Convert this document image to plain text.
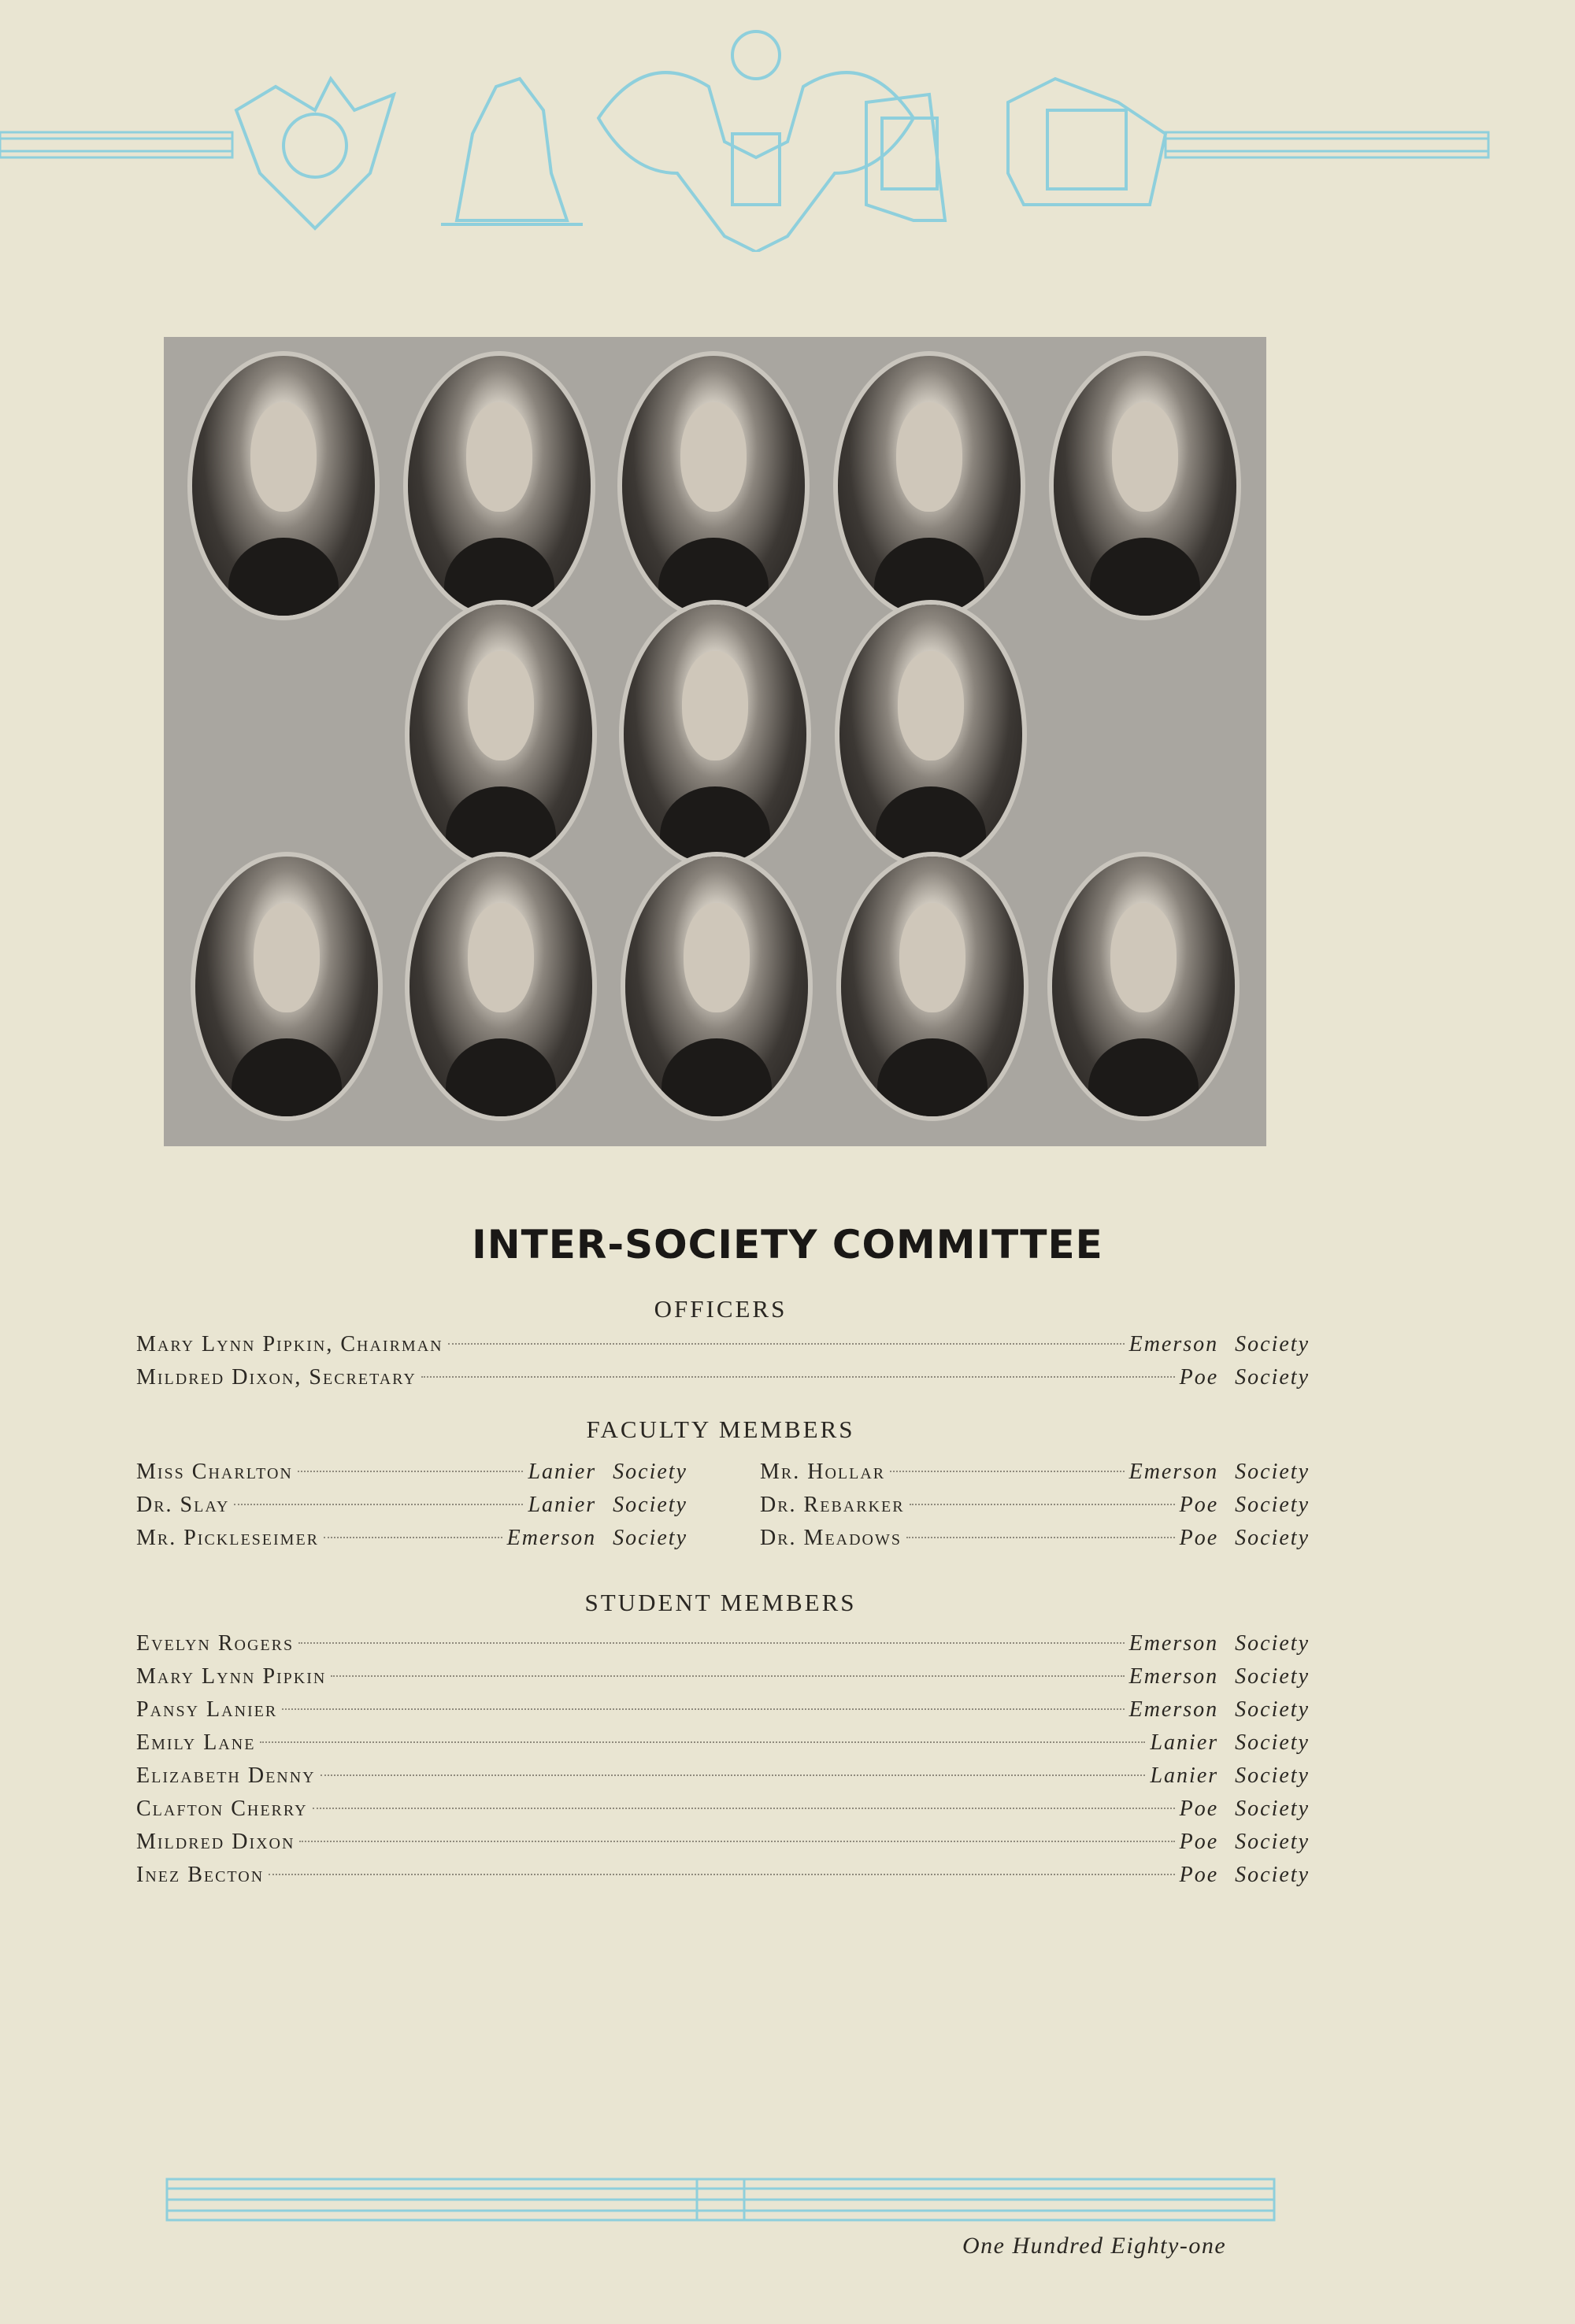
INTER-SOCIETY COMMITTEE
OFFICERS
Mary Lynn Pipkin, Chairman	Emerson Society
Mildred Dixon, Secretary	Poe Society
FACULTY MEMBERS
Miss Charlton	Lanier Society
Dr. Slay	Lanier Society
Mr. Pickleseimer	Emerson Society
Mr. Hollar	Emerson Society
Dr. Rebarker	Poe Society
Dr. Meadows	Poe Society
STUDENT MEMBERS
Evelyn Rogers	Emerson Society
Mary Lynn Pipkin	Emerson Society
Pansy Lanier	Emerson Society
Emily Lane	Lanier Society
Elizabeth Denny	Lanier Society
Clafton Cherry	Poe Society
Mildred Dixon	Poe Society
Inez Becton	Poe Society
One Hundred Eighty-one
